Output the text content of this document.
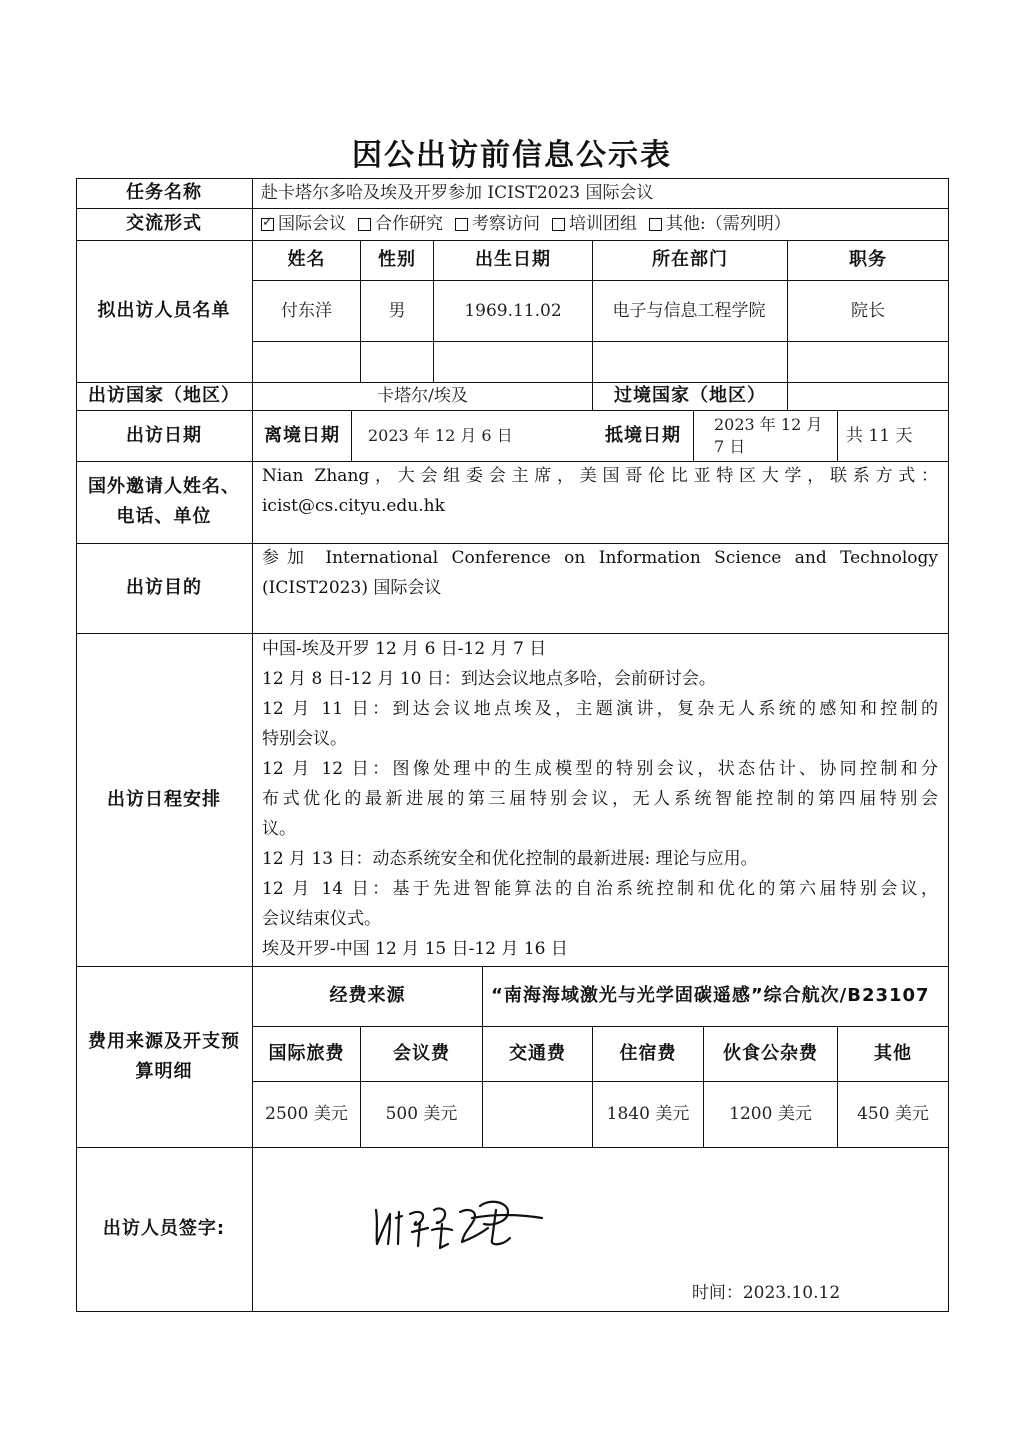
因公出访前信息公示表
任务名称	赴卡塔尔多哈及埃及开罗参加 ICIST2023 国际会议
交流形式
✓	国际会议 合作研究 考察访问 培训团组 其他:（需列明）
拟出访人员名单
姓名	性别	出生日期	所在部门	职务
付东洋	男	1969.11.02	电子与信息工程学院	院长
出访国家（地区）	卡塔尔/埃及	过境国家（地区）
出访日期	离境日期	2023 年 12 月 6 日	抵境日期
2023 年 12 月 7 日
共 11 天
国外邀请人姓名、电话、单位

Nian Zhang，大会组委会主席，美国哥伦比亚特区大学，联系方式：

icist@cs.cityu.edu.hk

出访目的

参加 International Conference on Information Science and Technology

(ICIST2023) 国际会议

出访日程安排

中国-埃及开罗 12 月 6 日-12 月 7 日

12 月 8 日-12 月 10 日：到达会议地点多哈，会前研讨会。

12 月 11 日：到达会议地点埃及，主题演讲，复杂无人系统的感知和控制的

特别会议。

12 月 12 日：图像处理中的生成模型的特别会议，状态估计、协同控制和分

布式优化的最新进展的第三届特别会议，无人系统智能控制的第四届特别会

议。

12 月 13 日：动态系统安全和优化控制的最新进展: 理论与应用。

12 月 14 日：基于先进智能算法的自治系统控制和优化的第六届特别会议，

会议结束仪式。

埃及开罗-中国 12 月 15 日-12 月 16 日

费用来源及开支预算明细
经费来源	“南海海域激光与光学固碳遥感”综合航次/B23107
国际旅费	会议费	交通费	住宿费	伙食公杂费	其他
2500 美元	500 美元	1840 美元	1200 美元	450 美元
出访人员签字:
时间：2023.10.12
